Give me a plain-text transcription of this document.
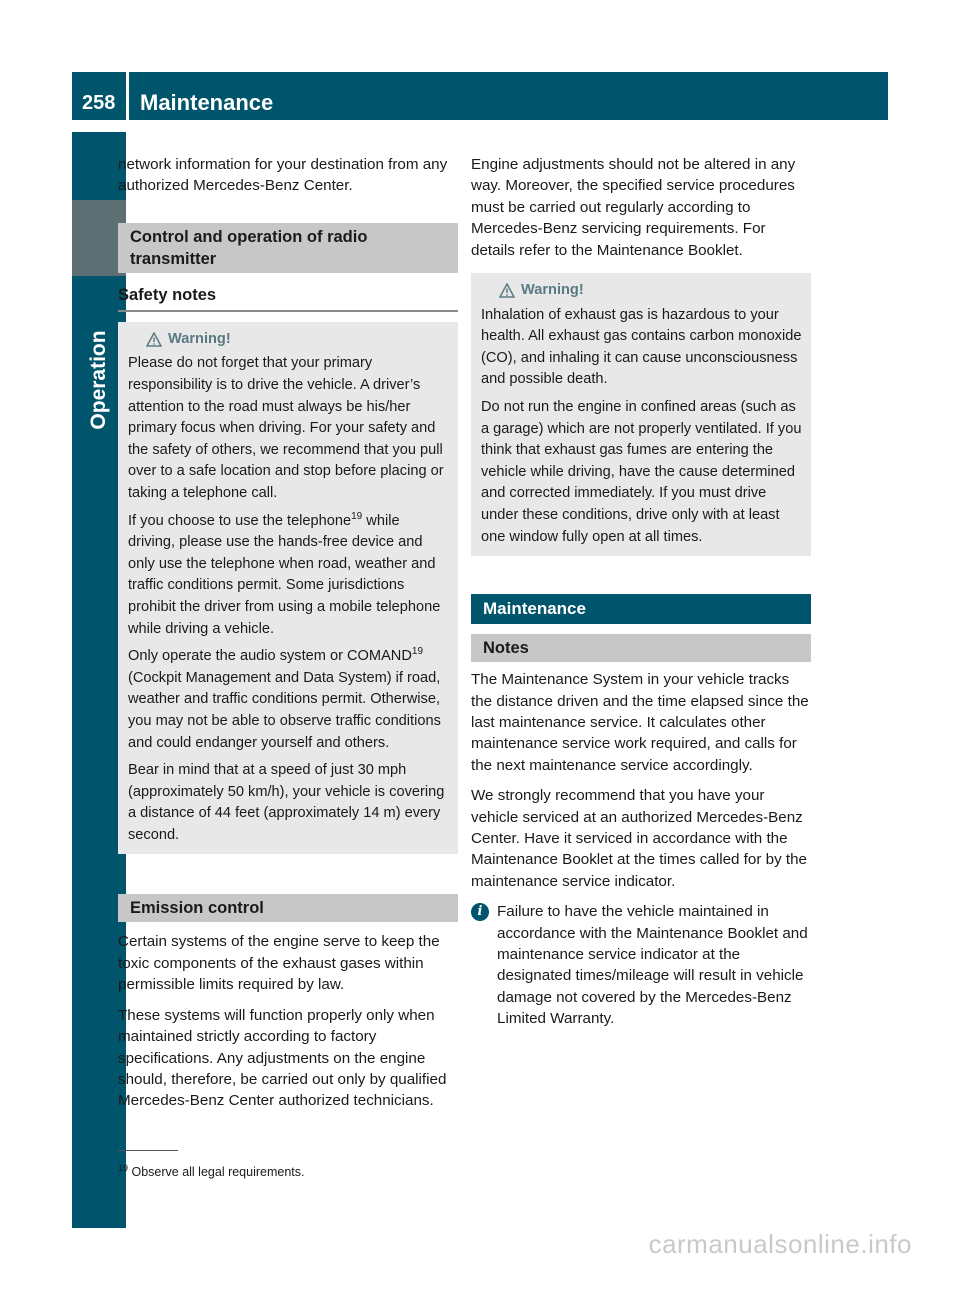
258 Maintenance
Operation

network information for your destination from any authorized Mercedes-Benz Center.

Control and operation of radio transmitter
Safety notes
Warning!

Please do not forget that your primary responsibility is to drive the vehicle. A driver’s attention to the road must always be his/her primary focus when driving. For your safety and the safety of others, we recommend that you pull over to a safe location and stop before placing or taking a telephone call.

If you choose to use the telephone$^{19}$ while driving, please use the hands-free device and only use the telephone when road, weather and traffic conditions permit. Some jurisdictions prohibit the driver from using a mobile telephone while driving a vehicle.

Only operate the audio system or COMAND$^{19}$ (Cockpit Management and Data System) if road, weather and traffic conditions permit. Otherwise, you may not be able to observe traffic conditions and could endanger yourself and others.

Bear in mind that at a speed of just 30 mph (approximately 50 km/h), your vehicle is covering a distance of 44 feet (approximately 14 m) every second.

Emission control

Certain systems of the engine serve to keep the toxic components of the exhaust gases within permissible limits required by law.

These systems will function properly only when maintained strictly according to factory specifications. Any adjustments on the engine should, therefore, be carried out only by qualified Mercedes-Benz Center authorized technicians.

Engine adjustments should not be altered in any way. Moreover, the specified service procedures must be carried out regularly according to Mercedes-Benz servicing requirements. For details refer to the Maintenance Booklet.

Warning!

Inhalation of exhaust gas is hazardous to your health. All exhaust gas contains carbon monoxide (CO), and inhaling it can cause unconsciousness and possible death.

Do not run the engine in confined areas (such as a garage) which are not properly ventilated. If you think that exhaust gas fumes are entering the vehicle while driving, have the cause determined and corrected immediately. If you must drive under these conditions, drive only with at least one window fully open at all times.

Maintenance
Notes

The Maintenance System in your vehicle tracks the distance driven and the time elapsed since the last maintenance service. It calculates other maintenance service work required, and calls for the next maintenance service accordingly.

We strongly recommend that you have your vehicle serviced at an authorized Mercedes-Benz Center. Have it serviced in accordance with the Maintenance Booklet at the times called for by the maintenance service indicator.

i Failure to have the vehicle maintained in accordance with the Maintenance Booklet and maintenance service indicator at the designated times/mileage will result in vehicle damage not covered by the Mercedes-Benz Limited Warranty.
$^{19}$ Observe all legal requirements.
carmanualsonline.info
